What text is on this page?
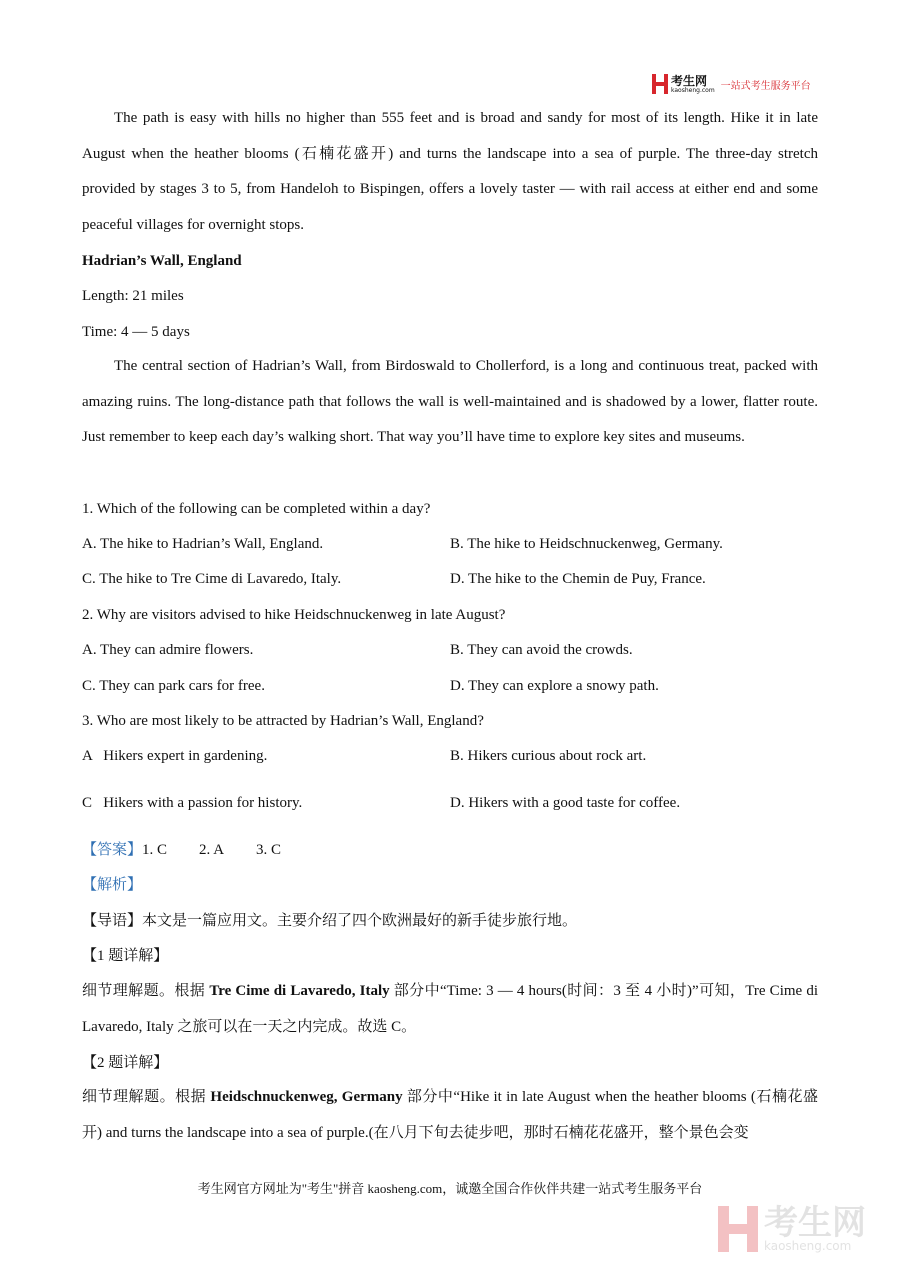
考生网
kaosheng.com 一站式考生服务平台
The path is easy with hills no higher than 555 feet and is broad and sandy for most of its length. Hike it in late August when the heather blooms (石楠花盛开) and turns the landscape into a sea of purple. The three-day stretch provided by stages 3 to 5, from Handeloh to Bispingen, offers a lovely taster — with rail access at either end and some peaceful villages for overnight stops.
Hadrian’s Wall, England
Length: 21 miles
Time: 4 — 5 days
The central section of Hadrian’s Wall, from Birdoswald to Chollerford, is a long and continuous treat, packed with amazing ruins. The long-distance path that follows the wall is well-maintained and is shadowed by a lower, flatter route. Just remember to keep each day’s walking short. That way you’ll have time to explore key sites and museums.
1. Which of the following can be completed within a day?
A. The hike to Hadrian’s Wall, England.	B. The hike to Heidschnuckenweg, Germany.
C. The hike to Tre Cime di Lavaredo, Italy.	D. The hike to the Chemin de Puy, France.
2. Why are visitors advised to hike Heidschnuckenweg in late August?
A. They can admire flowers.	B. They can avoid the crowds.
C. They can park cars for free.	D. They can explore a snowy path.
3. Who are most likely to be attracted by Hadrian’s Wall, England?
A   Hikers expert in gardening.	B. Hikers curious about rock art.
C   Hikers with a passion for history.	D. Hikers with a good taste for coffee.
【答案】1. C 2. A 3. C
【解析】
【导语】本文是一篇应用文。主要介绍了四个欧洲最好的新手徒步旅行地。
【1 题详解】
细节理解题。根据 Tre Cime di Lavaredo, Italy 部分中“Time: 3 — 4 hours(时间：3 至 4 小时)”可知，Tre Cime di Lavaredo, Italy 之旅可以在一天之内完成。故选 C。
【2 题详解】
细节理解题。根据 Heidschnuckenweg, Germany 部分中“Hike it in late August when the heather blooms (石楠花盛开) and turns the landscape into a sea of purple.(在八月下旬去徒步吧，那时石楠花花盛开，整个景色会变
考生网官方网址为"考生"拼音 kaosheng.com，诚邀全国合作伙伴共建一站式考生服务平台
考生网
kaosheng.com
